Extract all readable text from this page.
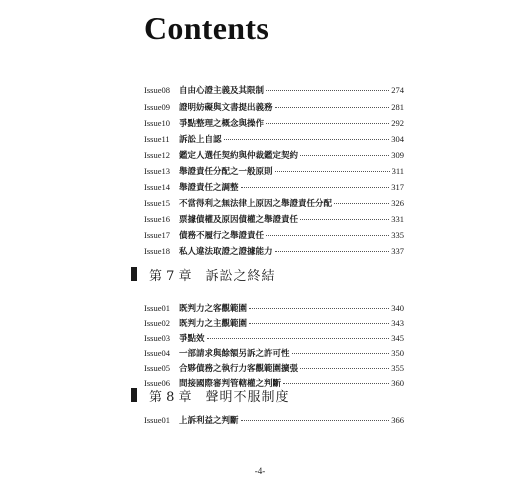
Contents
Issue08	自由心證主義及其限制	274
Issue09	證明妨礙與文書提出義務	281
Issue10	爭點整理之概念與操作	292
Issue11	訴訟上自認	304
Issue12	鑑定人選任契約與仲裁鑑定契約	309
Issue13	舉證責任分配之一般原則	311
Issue14	舉證責任之調整	317
Issue15	不當得利之無法律上原因之舉證責任分配	326
Issue16	票據債權及原因債權之舉證責任	331
Issue17	債務不履行之舉證責任	335
Issue18	私人違法取證之證據能力	337
第 7 章 訴訟之終結
Issue01	既判力之客觀範圍	340
Issue02	既判力之主觀範圍	343
Issue03	爭點效	345
Issue04	一部請求與餘額另訴之許可性	350
Issue05	合夥債務之執行力客觀範圍擴張	355
Issue06	間接國際審判管轄權之判斷	360
第 8 章 聲明不服制度
Issue01	上訴利益之判斷	366
-4-
